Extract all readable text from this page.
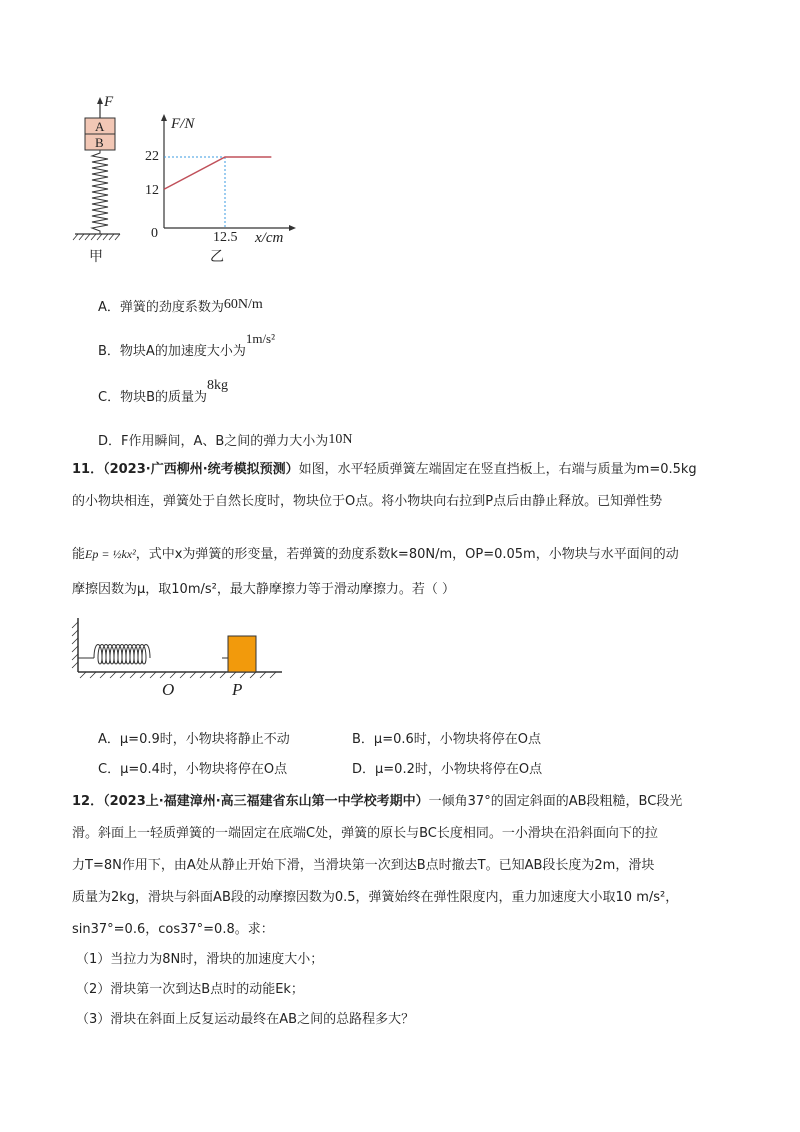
F
A
B
甲
F/N
22
12
0	12.5 x/cm
乙
A．弹簧的劲度系数为60N/m
B．物块A的加速度大小为1m/s²
C．物块B的质量为8kg
D．F作用瞬间，A、B之间的弹力大小为10N
11．（2023·广西柳州·统考模拟预测）如图，水平轻质弹簧左端固定在竖直挡板上，右端与质量为m=0.5kg
的小物块相连，弹簧处于自然长度时，物块位于O点。将小物块向右拉到P点后由静止释放。已知弹性势
能Ep = ½kx²，式中x为弹簧的形变量，若弹簧的劲度系数k=80N/m，OP=0.05m，小物块与水平面间的动
摩擦因数为μ，取10m/s²，最大静摩擦力等于滑动摩擦力。若（ ）
O	P
A．μ=0.9时，小物块将静止不动	B．μ=0.6时，小物块将停在O点
C．μ=0.4时，小物块将停在O点	D．μ=0.2时，小物块将停在O点
12．（2023上·福建漳州·高三福建省东山第一中学校考期中）一倾角37°的固定斜面的AB段粗糙，BC段光
滑。斜面上一轻质弹簧的一端固定在底端C处，弹簧的原长与BC长度相同。一小滑块在沿斜面向下的拉
力T=8N作用下，由A处从静止开始下滑，当滑块第一次到达B点时撤去T。已知AB段长度为2m，滑块
质量为2kg，滑块与斜面AB段的动摩擦因数为0.5，弹簧始终在弹性限度内，重力加速度大小取10 m/s²，
sin37°=0.6，cos37°=0.8。求：
（1）当拉力为8N时，滑块的加速度大小；
（2）滑块第一次到达B点时的动能Ek；
（3）滑块在斜面上反复运动最终在AB之间的总路程多大？
